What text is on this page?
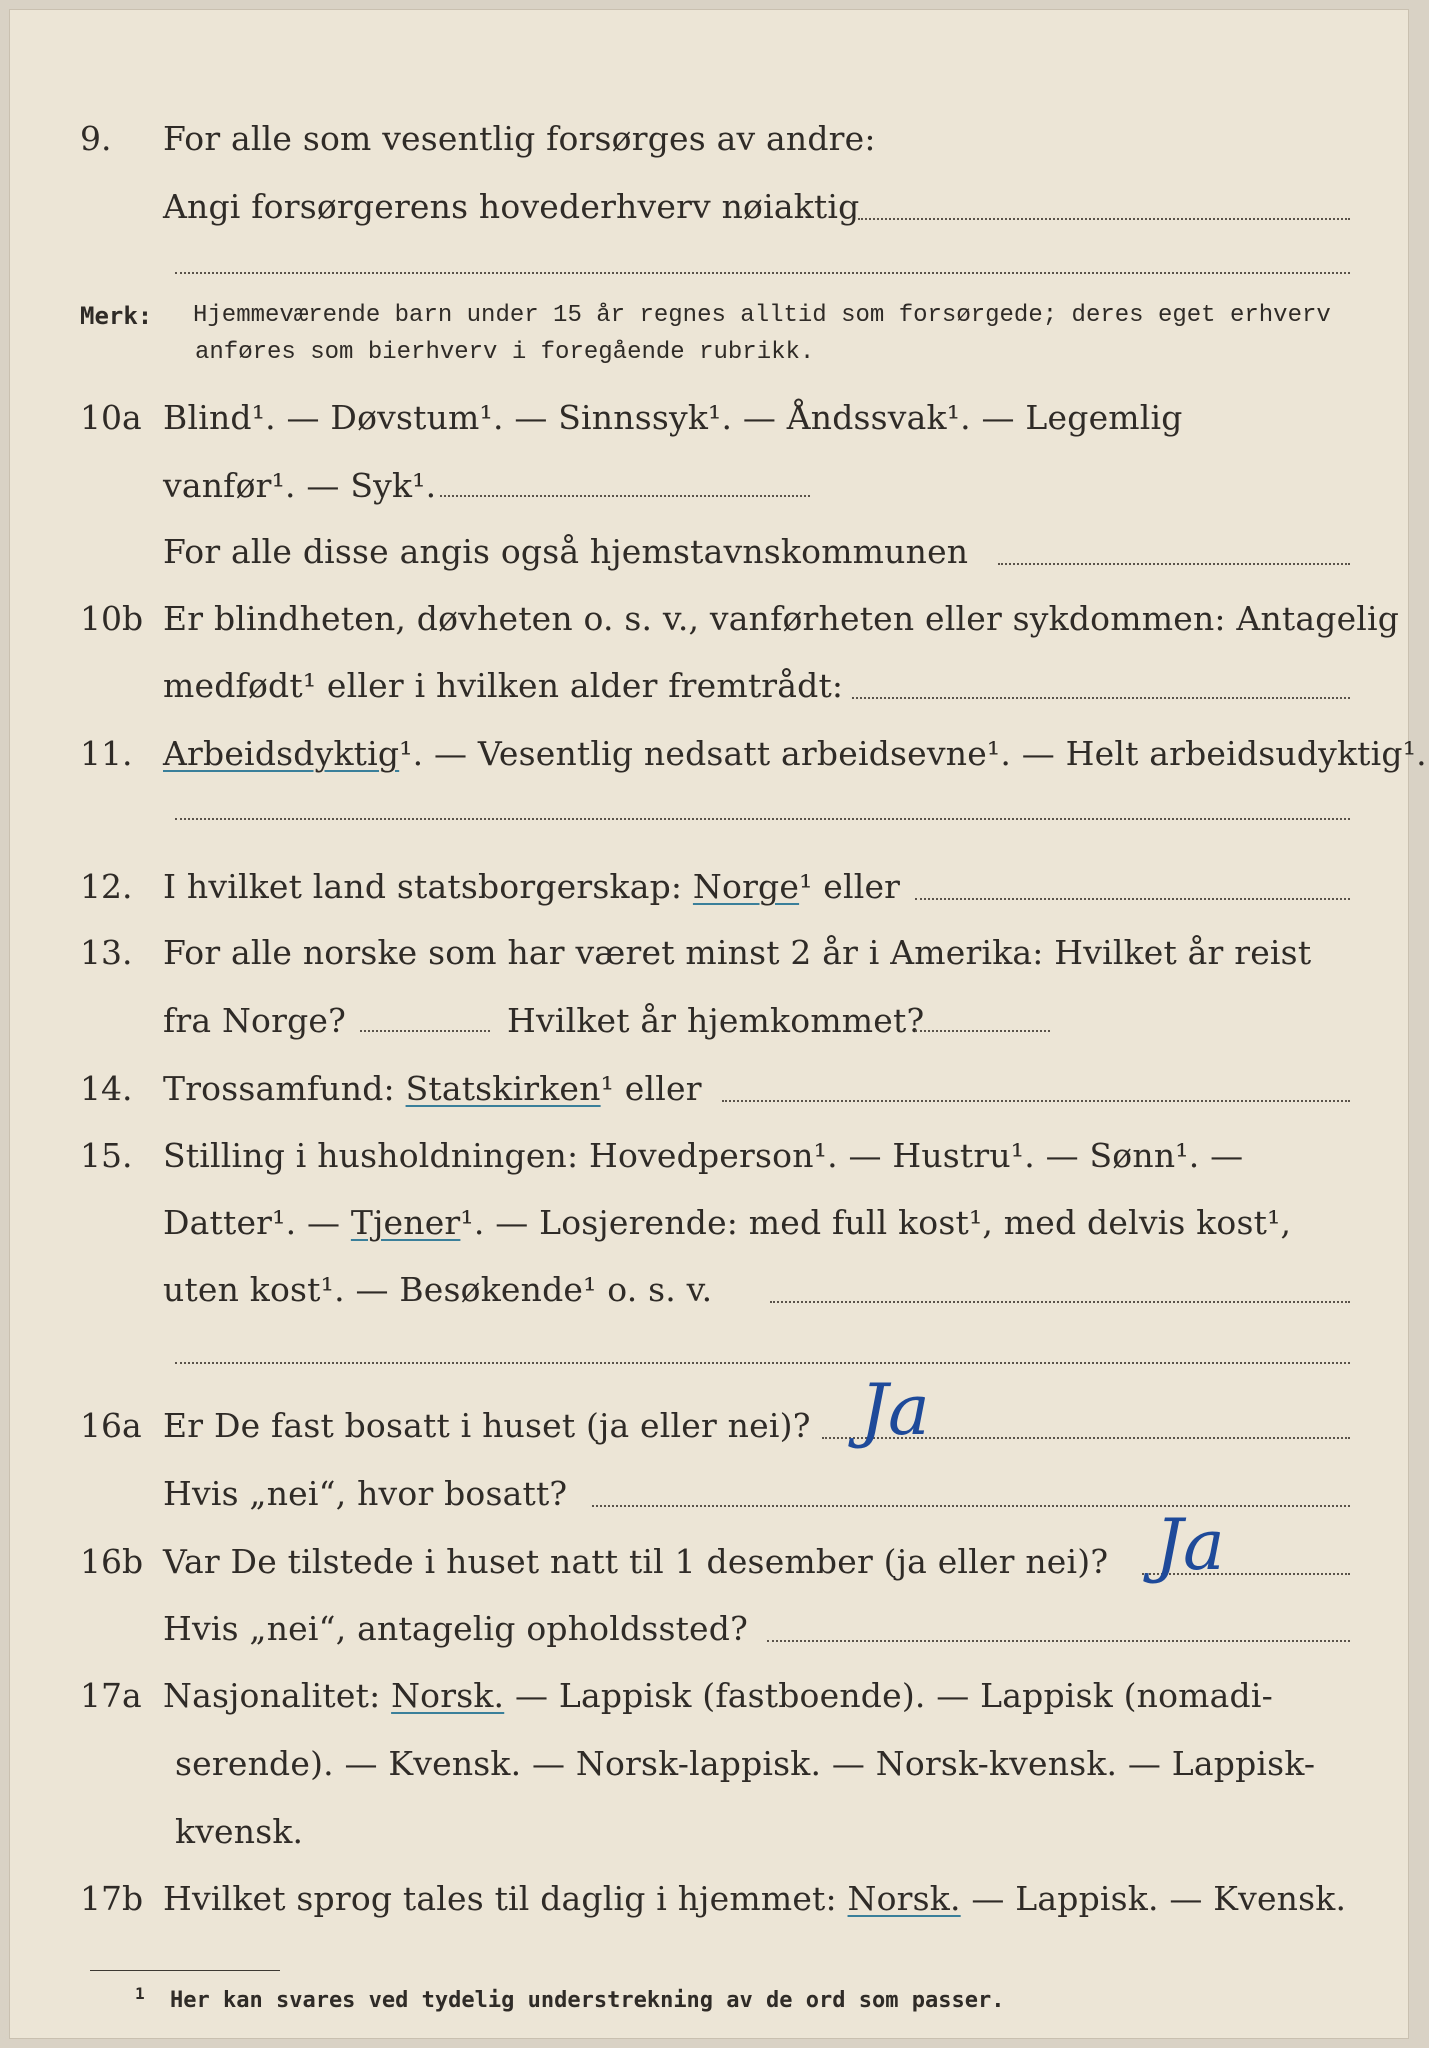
9.	For alle som vesentlig forsørges av andre:
Angi forsørgerens hovederhverv nøiaktig
Merk: Hjemmeværende barn under 15 år regnes alltid som forsørgede; deres eget erhverv
anføres som bierhverv i foregående rubrikk.
10a Blind¹. — Døvstum¹. — Sinnssyk¹. — Åndssvak¹. — Legemlig
vanfør¹. — Syk¹.
For alle disse angis også hjemstavnskommunen
10b Er blindheten, døvheten o. s. v., vanførheten eller sykdommen: Antagelig
medfødt¹ eller i hvilken alder fremtrådt:
11. Arbeidsdyktig¹. — Vesentlig nedsatt arbeidsevne¹. — Helt arbeidsudyktig¹.
12. I hvilket land statsborgerskap: Norge¹ eller
13. For alle norske som har været minst 2 år i Amerika: Hvilket år reist
fra Norge?	Hvilket år hjemkommet?
14. Trossamfund: Statskirken¹ eller
15. Stilling i husholdningen: Hovedperson¹. — Hustru¹. — Sønn¹. —
Datter¹. — Tjener¹. — Losjerende: med full kost¹, med delvis kost¹,
uten kost¹. — Besøkende¹ o. s. v.
16a Er De fast bosatt i huset (ja eller nei)? Ja
Hvis „nei“, hvor bosatt?
16b Var De tilstede i huset natt til 1 desember (ja eller nei)? Ja
Hvis „nei“, antagelig opholdssted?
17a Nasjonalitet: Norsk. — Lappisk (fastboende). — Lappisk (nomadi-
serende). — Kvensk. — Norsk-lappisk. — Norsk-kvensk. — Lappisk-
kvensk.
17b Hvilket sprog tales til daglig i hjemmet: Norsk. — Lappisk. — Kvensk.
1 Her kan svares ved tydelig understrekning av de ord som passer.
